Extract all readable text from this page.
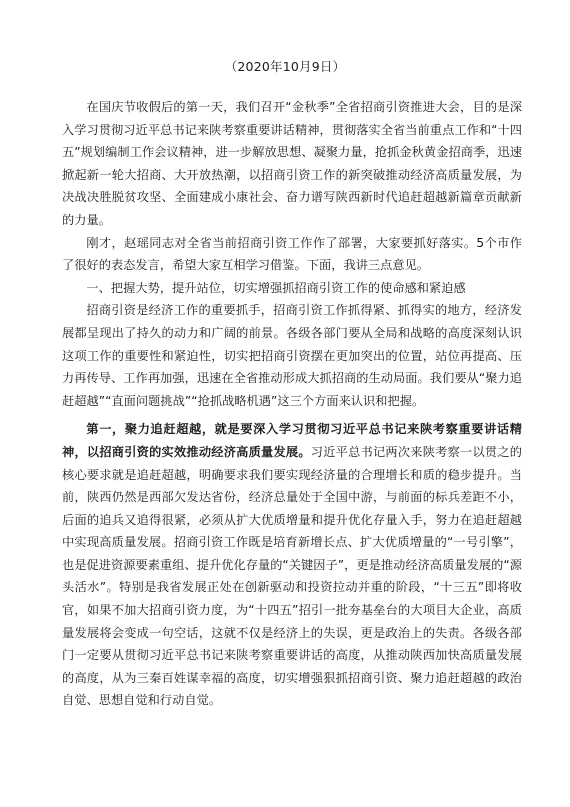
（2020年10月9日）

在国庆节收假后的第一天，我们召开“金秋季”全省招商引资推进大会，目的是深入学习贯彻习近平总书记来陕考察重要讲话精神，贯彻落实全省当前重点工作和“十四五”规划编制工作会议精神，进一步解放思想、凝聚力量，抢抓金秋黄金招商季，迅速掀起新一轮大招商、大开放热潮，以招商引资工作的新突破推动经济高质量发展，为决战决胜脱贫攻坚、全面建成小康社会、奋力谱写陕西新时代追赶超越新篇章贡献新的力量。

刚才，赵瑶同志对全省当前招商引资工作作了部署，大家要抓好落实。5个市作了很好的表态发言，希望大家互相学习借鉴。下面，我讲三点意见。

一、把握大势，提升站位，切实增强抓招商引资工作的使命感和紧迫感

招商引资是经济工作的重要抓手，招商引资工作抓得紧、抓得实的地方，经济发展都呈现出了持久的动力和广阔的前景。各级各部门要从全局和战略的高度深刻认识这项工作的重要性和紧迫性，切实把招商引资摆在更加突出的位置，站位再提高、压力再传导、工作再加强，迅速在全省推动形成大抓招商的生动局面。我们要从“聚力追赶超越”“直面问题挑战”“抢抓战略机遇”这三个方面来认识和把握。

第一，聚力追赶超越，就是要深入学习贯彻习近平总书记来陕考察重要讲话精神，以招商引资的实效推动经济高质量发展。习近平总书记两次来陕考察一以贯之的核心要求就是追赶超越，明确要求我们要实现经济量的合理增长和质的稳步提升。当前，陕西仍然是西部欠发达省份，经济总量处于全国中游，与前面的标兵差距不小，后面的追兵又追得很紧，必须从扩大优质增量和提升优化存量入手，努力在追赶超越中实现高质量发展。招商引资工作既是培育新增长点、扩大优质增量的“一号引擎”，也是促进资源要素重组、提升优化存量的“关键因子”，更是推动经济高质量发展的“源头活水”。特别是我省发展正处在创新驱动和投资拉动并重的阶段，“十三五”即将收官，如果不加大招商引资力度，为“十四五”招引一批夯基垒台的大项目大企业，高质量发展将会变成一句空话，这就不仅是经济上的失误，更是政治上的失责。各级各部门一定要从贯彻习近平总书记来陕考察重要讲话的高度，从推动陕西加快高质量发展的高度，从为三秦百姓谋幸福的高度，切实增强狠抓招商引资、聚力追赶超越的政治自觉、思想自觉和行动自觉。
